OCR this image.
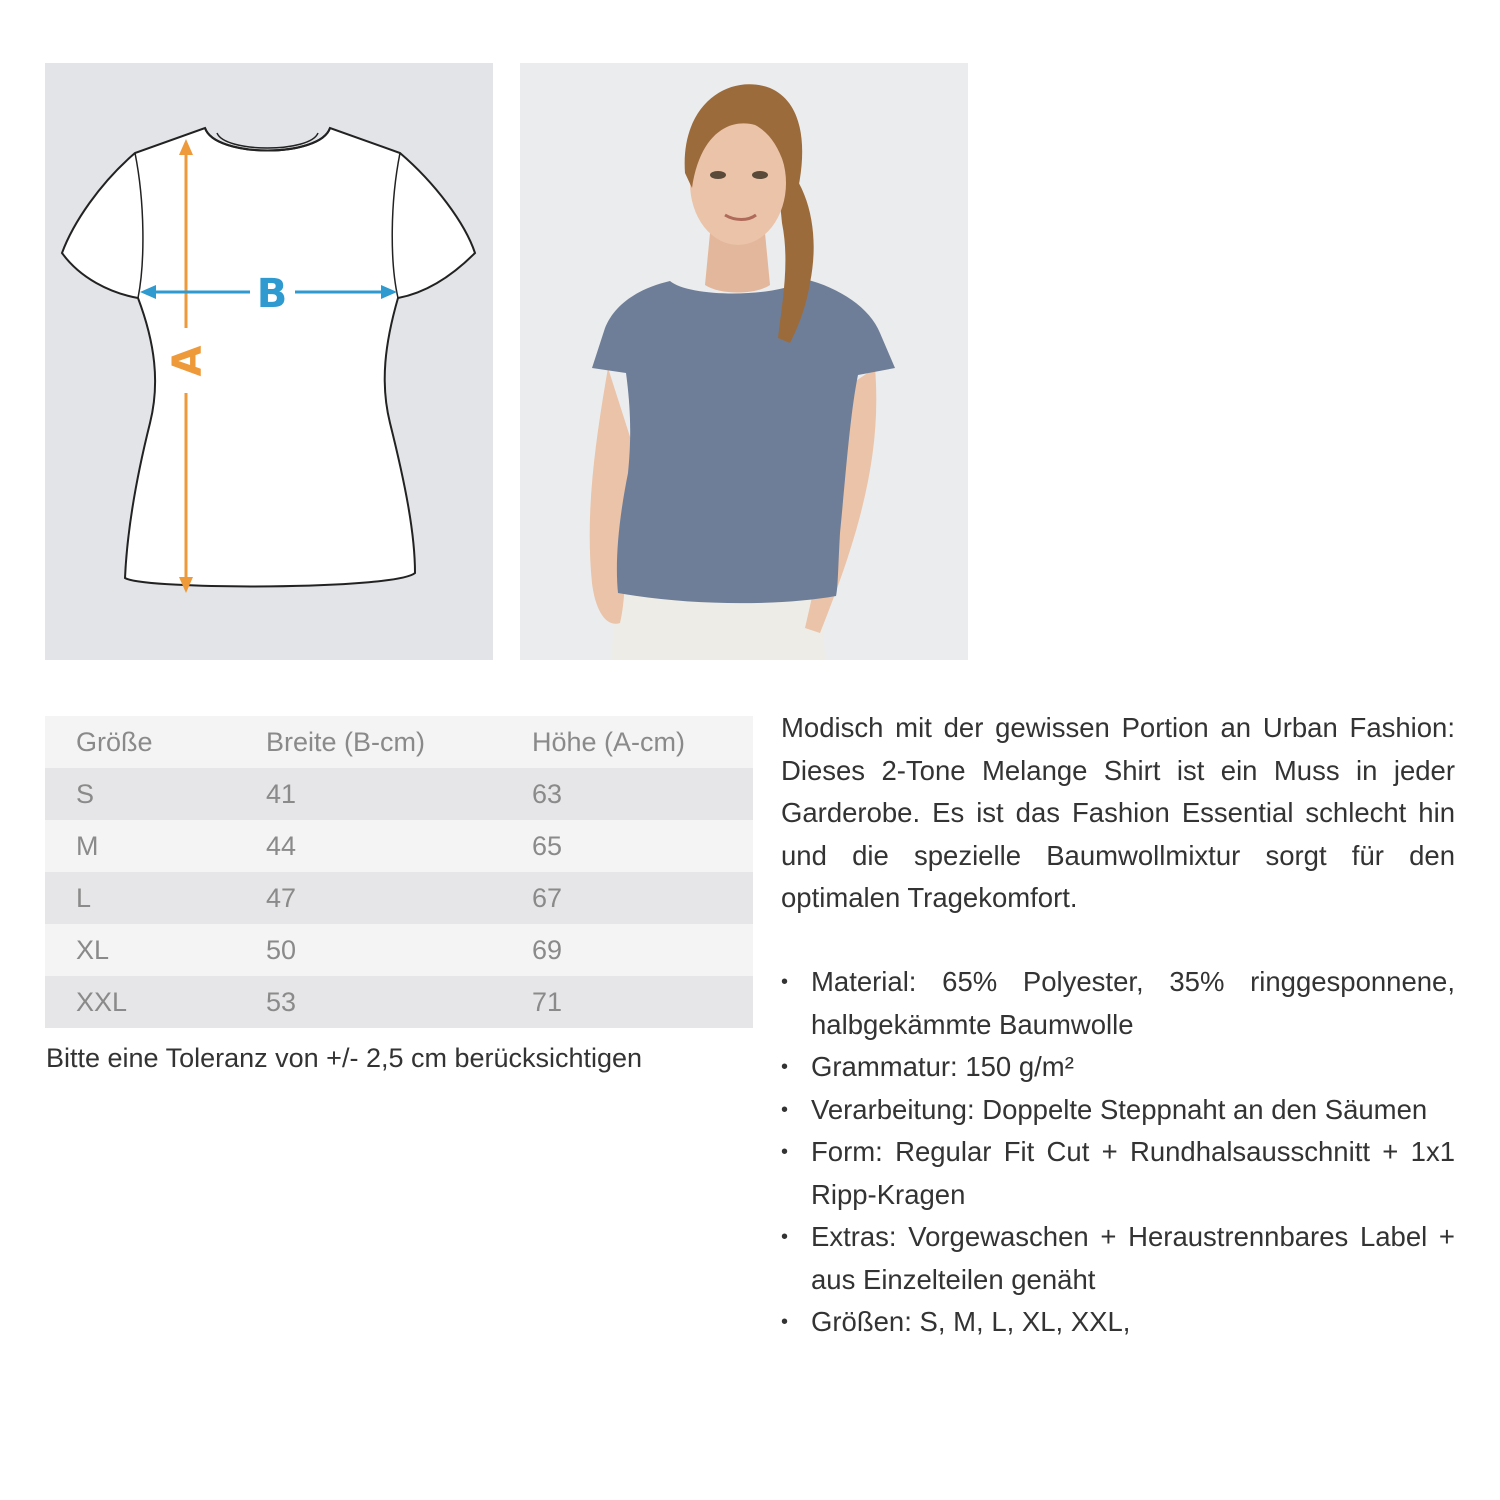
A
B
Größe	Breite (B-cm)	Höhe (A-cm)
S	41	63
M	44	65
L	47	67
XL	50	69
XXL	53	71
Bitte eine Toleranz von +/- 2,5 cm berücksichtigen

Modisch mit der gewissen Portion an Urban Fashion: Dieses 2-Tone Melange Shirt ist ein Muss in jeder Garderobe. Es ist das Fashion Essential schlecht hin und die spezielle Baumwollmixtur sorgt für den optimalen Tragekomfort.

• Material: 65% Polyester, 35% ringgesponnene, halbgekämmte Baumwolle
• Grammatur: 150 g/m²
• Verarbeitung: Doppelte Steppnaht an den Säumen
• Form: Regular Fit Cut + Rundhalsausschnitt + 1x1 Ripp-Kragen
• Extras: Vorgewaschen + Heraustrennbares Label + aus Einzelteilen genäht
• Größen: S, M, L, XL, XXL,
